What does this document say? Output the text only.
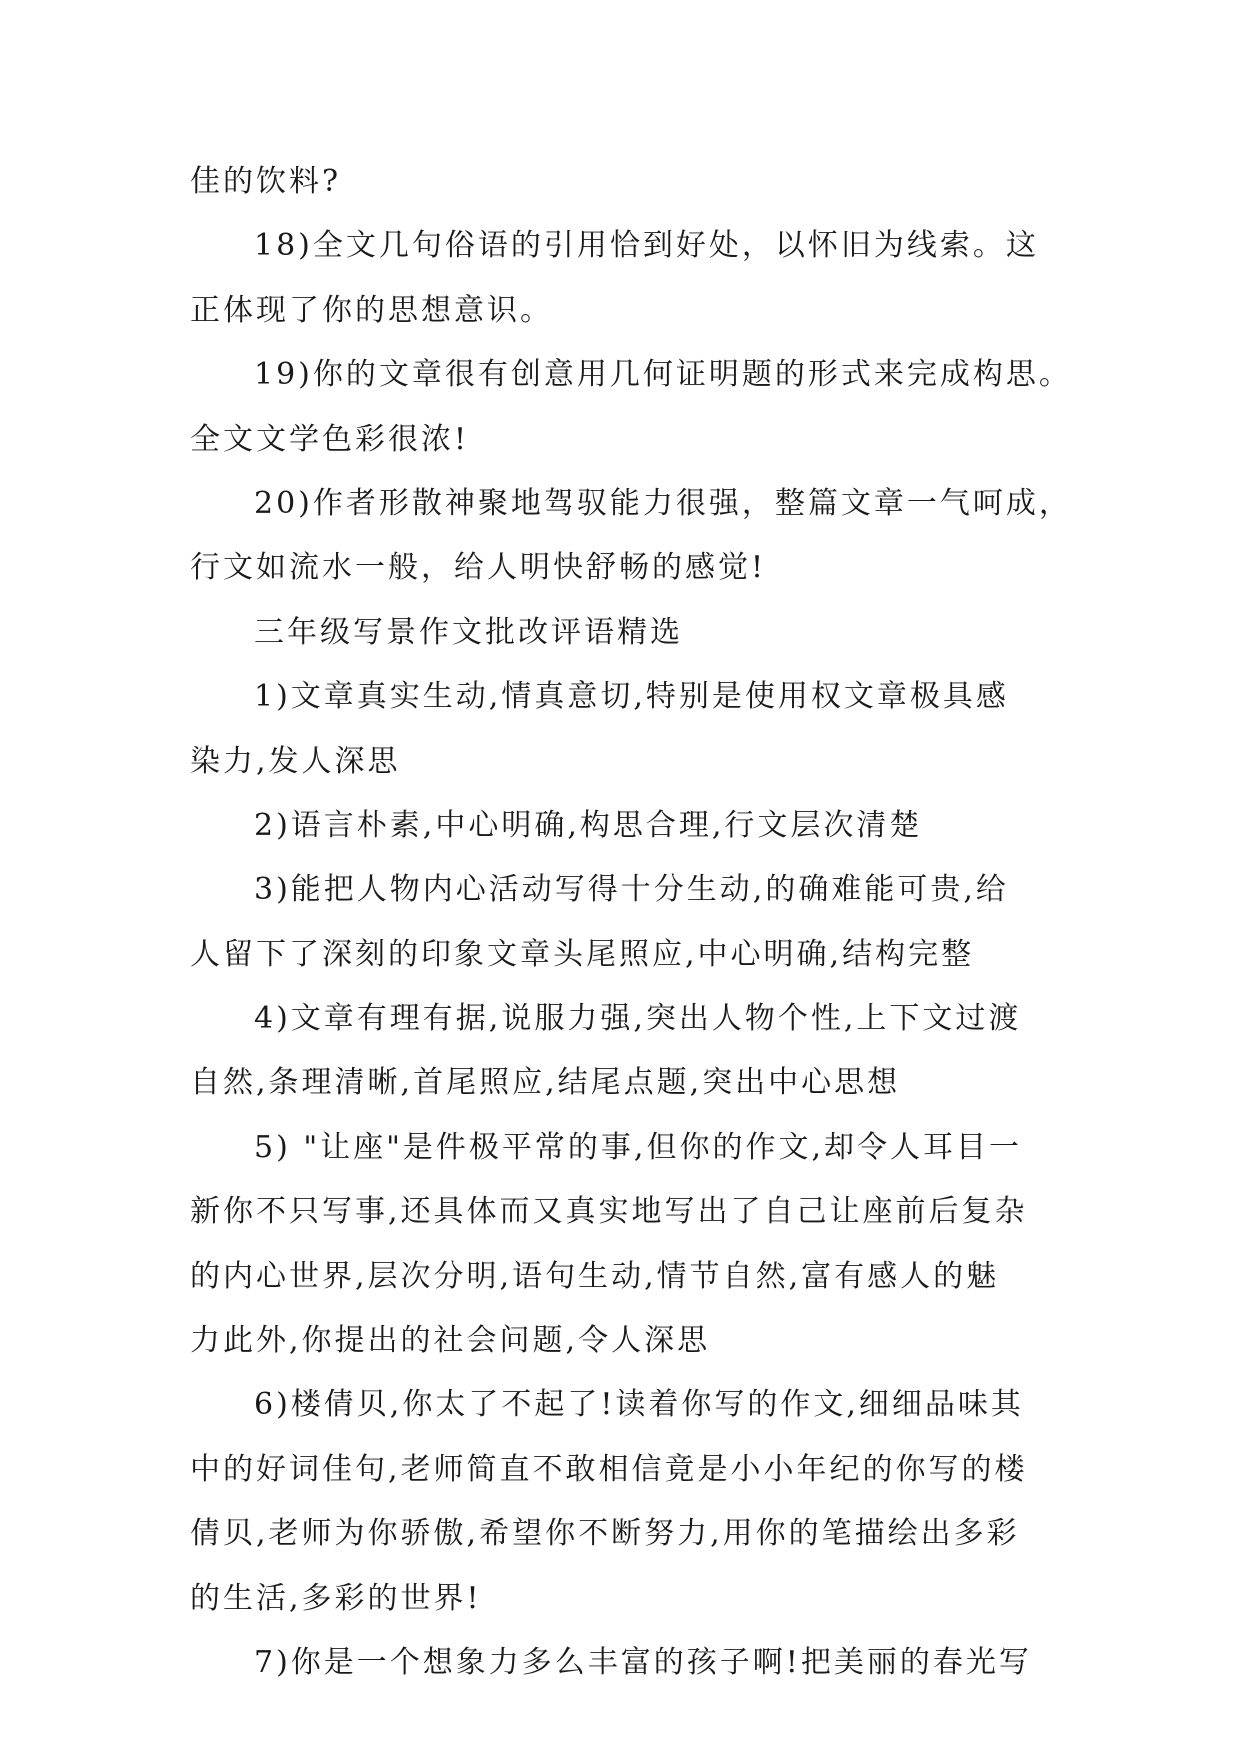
佳的饮料?
18)全文几句俗语的引用恰到好处，以怀旧为线索。这
正体现了你的思想意识。
19)你的文章很有创意用几何证明题的形式来完成构思。
全文文学色彩很浓!
20)作者形散神聚地驾驭能力很强，整篇文章一气呵成，
行文如流水一般，给人明快舒畅的感觉!
三年级写景作文批改评语精选
1)文章真实生动,情真意切,特别是使用权文章极具感
染力,发人深思
2)语言朴素,中心明确,构思合理,行文层次清楚
3)能把人物内心活动写得十分生动,的确难能可贵,给
人留下了深刻的印象文章头尾照应,中心明确,结构完整
4)文章有理有据,说服力强,突出人物个性,上下文过渡
自然,条理清晰,首尾照应,结尾点题,突出中心思想
5) "让座"是件极平常的事,但你的作文,却令人耳目一
新你不只写事,还具体而又真实地写出了自己让座前后复杂
的内心世界,层次分明,语句生动,情节自然,富有感人的魅
力此外,你提出的社会问题,令人深思
6)楼倩贝,你太了不起了!读着你写的作文,细细品味其
中的好词佳句,老师简直不敢相信竟是小小年纪的你写的楼
倩贝,老师为你骄傲,希望你不断努力,用你的笔描绘出多彩
的生活,多彩的世界!
7)你是一个想象力多么丰富的孩子啊!把美丽的春光写
